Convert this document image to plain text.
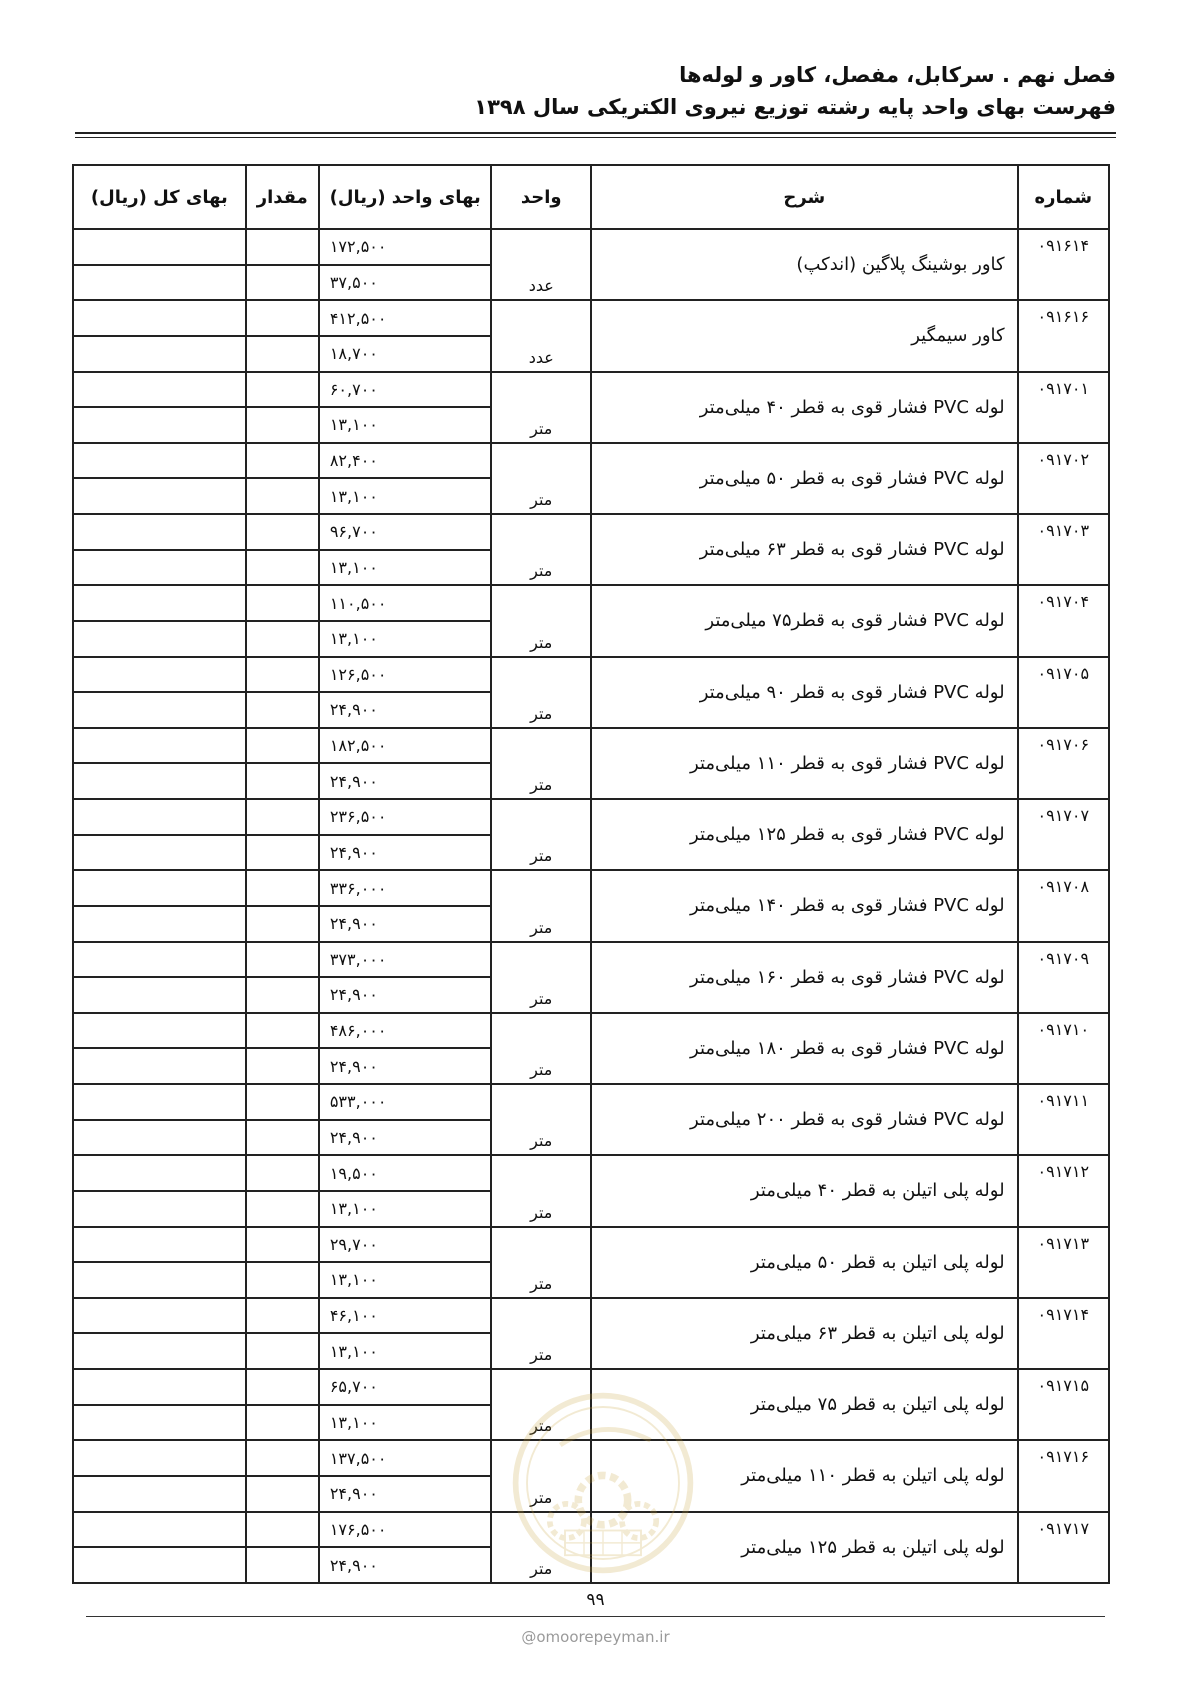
فصل نهم . سرکابل، مفصل، کاور و لوله‌ها
فهرست بهای واحد پایه رشته توزیع نیروی الکتریکی سال ۱۳۹۸
شماره	شرح	واحد	بهای واحد (ریال)	مقدار	بهای کل (ریال)
۰۹۱۶۱۴	کاور بوشینگ پلاگین (اندکپ)	عدد	۱۷۲,۵۰۰		
			۳۷,۵۰۰		
۰۹۱۶۱۶	کاور سیمگیر	عدد	۴۱۲,۵۰۰		
			۱۸,۷۰۰		
۰۹۱۷۰۱	لوله PVC فشار قوی به قطر ۴۰ میلی‌متر	متر	۶۰,۷۰۰		
			۱۳,۱۰۰		
۰۹۱۷۰۲	لوله PVC فشار قوی به قطر ۵۰ میلی‌متر	متر	۸۲,۴۰۰		
			۱۳,۱۰۰		
۰۹۱۷۰۳	لوله PVC فشار قوی به قطر ۶۳ میلی‌متر	متر	۹۶,۷۰۰		
			۱۳,۱۰۰		
۰۹۱۷۰۴	لوله PVC فشار قوی به قطر۷۵ میلی‌متر	متر	۱۱۰,۵۰۰		
			۱۳,۱۰۰		
۰۹۱۷۰۵	لوله PVC فشار قوی به قطر ۹۰ میلی‌متر	متر	۱۲۶,۵۰۰		
			۲۴,۹۰۰		
۰۹۱۷۰۶	لوله PVC فشار قوی به قطر ۱۱۰ میلی‌متر	متر	۱۸۲,۵۰۰		
			۲۴,۹۰۰		
۰۹۱۷۰۷	لوله PVC فشار قوی به قطر ۱۲۵ میلی‌متر	متر	۲۳۶,۵۰۰		
			۲۴,۹۰۰		
۰۹۱۷۰۸	لوله PVC فشار قوی به قطر ۱۴۰ میلی‌متر	متر	۳۳۶,۰۰۰		
			۲۴,۹۰۰		
۰۹۱۷۰۹	لوله PVC فشار قوی به قطر ۱۶۰ میلی‌متر	متر	۳۷۳,۰۰۰		
			۲۴,۹۰۰		
۰۹۱۷۱۰	لوله PVC فشار قوی به قطر ۱۸۰ میلی‌متر	متر	۴۸۶,۰۰۰		
			۲۴,۹۰۰		
۰۹۱۷۱۱	لوله PVC فشار قوی به قطر ۲۰۰ میلی‌متر	متر	۵۳۳,۰۰۰		
			۲۴,۹۰۰		
۰۹۱۷۱۲	لوله پلی اتیلن به قطر ۴۰ میلی‌متر	متر	۱۹,۵۰۰		
			۱۳,۱۰۰		
۰۹۱۷۱۳	لوله پلی اتیلن به قطر ۵۰ میلی‌متر	متر	۲۹,۷۰۰		
			۱۳,۱۰۰		
۰۹۱۷۱۴	لوله پلی اتیلن به قطر ۶۳ میلی‌متر	متر	۴۶,۱۰۰		
			۱۳,۱۰۰		
۰۹۱۷۱۵	لوله پلی اتیلن به قطر ۷۵ میلی‌متر	متر	۶۵,۷۰۰		
			۱۳,۱۰۰		
۰۹۱۷۱۶	لوله پلی اتیلن به قطر ۱۱۰ میلی‌متر	متر	۱۳۷,۵۰۰		
			۲۴,۹۰۰		
۰۹۱۷۱۷	لوله پلی اتیلن به قطر ۱۲۵ میلی‌متر	متر	۱۷۶,۵۰۰		
			۲۴,۹۰۰		
۹۹
@omoorepeyman.ir
